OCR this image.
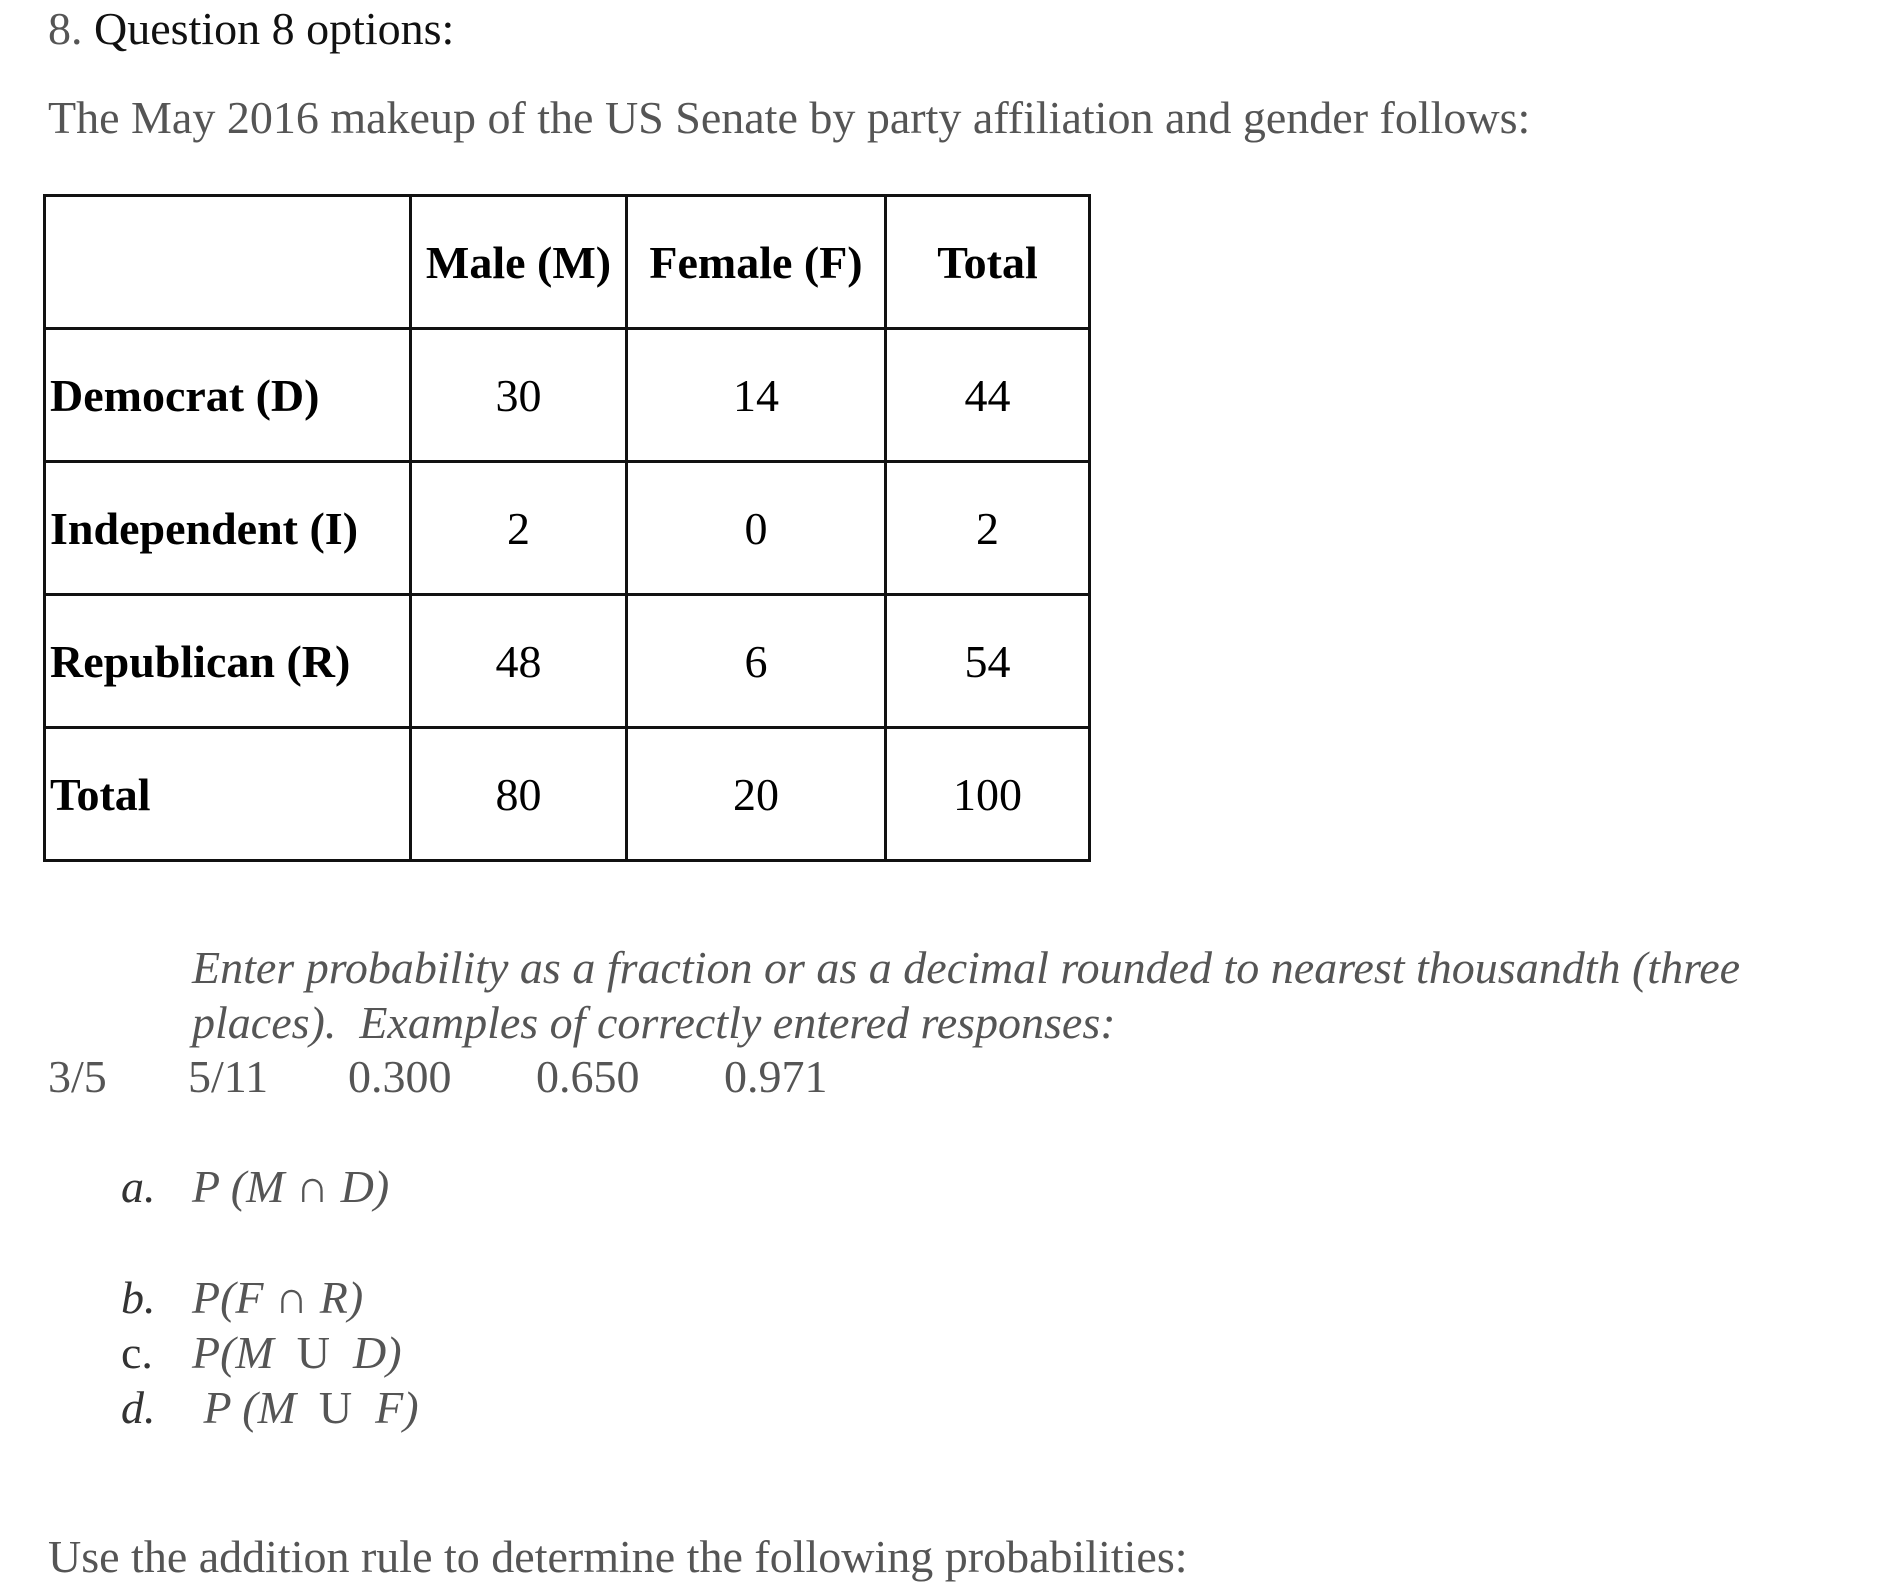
8. Question 8 options:
The May 2016 makeup of the US Senate by party affiliation and gender follows:
	Male (M)	Female (F)	Total
Democrat (D)	30	14	44
Independent (I)	2	0	2
Republican (R)	48	6	54
Total	80	20	100
Enter probability as a fraction or as a decimal rounded to nearest thousandth (three
places).  Examples of correctly entered responses:
3/5 5/11 0.300 0.650 0.971
a. P (M ∩ D)
b. P(F ∩ R)
c. P(M  U  D)
d. P (M  U  F)
Use the addition rule to determine the following probabilities:
